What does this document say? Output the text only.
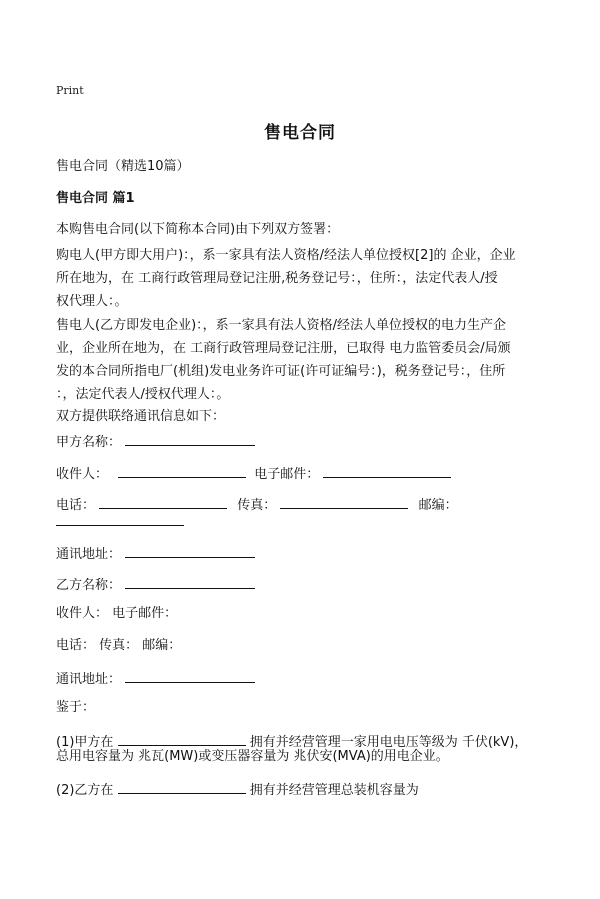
Print
售电合同
售电合同（精选10篇）
售电合同 篇1
本购售电合同(以下简称本合同)由下列双方签署：
购电人(甲方即大用户)：，系一家具有法人资格/经法人单位授权[2]的 企业，企业
所在地为，在 工商行政管理局登记注册,税务登记号：，住所：，法定代表人/授
权代理人：。
售电人(乙方即发电企业)：，系一家具有法人资格/经法人单位授权的电力生产企
业，企业所在地为，在 工商行政管理局登记注册，已取得 电力监管委员会/局颁
发的本合同所指电厂(机组)发电业务许可证(许可证编号：)，税务登记号：，住所
：，法定代表人/授权代理人：。
双方提供联络通讯信息如下：
甲方名称：
收件人：	电子邮件：
电话：	传真：	邮编：
通讯地址：
乙方名称：
收件人： 电子邮件：
电话： 传真： 邮编：
通讯地址：
鉴于：
(1)甲方在	拥有并经营管理一家用电电压等级为 千伏(kV)，
总用电容量为 兆瓦(MW)或变压器容量为 兆伏安(MVA)的用电企业。
(2)乙方在	拥有并经营管理总装机容量为
